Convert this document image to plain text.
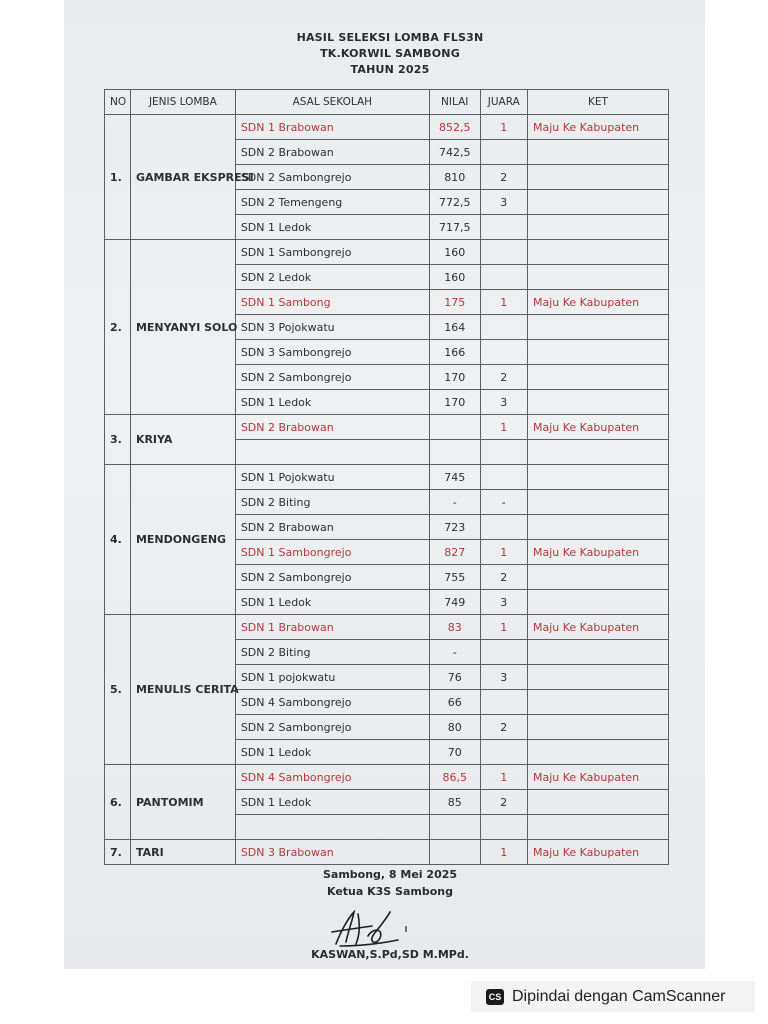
HASIL SELEKSI LOMBA FLS3N
TK.KORWIL SAMBONG
TAHUN 2025
NO	JENIS LOMBA	ASAL SEKOLAH	NILAI	JUARA	KET
1.	GAMBAR EKSPRESI	SDN 1 Brabowan	852,5	1	Maju Ke Kabupaten
		SDN 2 Brabowan	742,5		
		SDN 2 Sambongrejo	810	2	
		SDN 2 Temengeng	772,5	3	
		SDN 1 Ledok	717,5		
2.	MENYANYI SOLO	SDN 1 Sambongrejo	160		
		SDN 2 Ledok	160		
		SDN 1 Sambong	175	1	Maju Ke Kabupaten
		SDN 3 Pojokwatu	164		
		SDN 3 Sambongrejo	166		
		SDN 2 Sambongrejo	170	2	
		SDN 1 Ledok	170	3	
3.	KRIYA	SDN 2 Brabowan		1	Maju Ke Kabupaten

4.	MENDONGENG	SDN 1 Pojokwatu	745		
		SDN 2 Biting	-	-	
		SDN 2 Brabowan	723		
		SDN 1 Sambongrejo	827	1	Maju Ke Kabupaten
		SDN 2 Sambongrejo	755	2	
		SDN 1 Ledok	749	3	
5.	MENULIS CERITA	SDN 1 Brabowan	83	1	Maju Ke Kabupaten
		SDN 2 Biting	-		
		SDN 1 pojokwatu	76	3	
		SDN 4 Sambongrejo	66		
		SDN 2 Sambongrejo	80	2	
		SDN 1 Ledok	70		
6.	PANTOMIM	SDN 4 Sambongrejo	86,5	1	Maju Ke Kabupaten
		SDN 1 Ledok	85	2	

7.	TARI	SDN 3 Brabowan		1	Maju Ke Kabupaten
Sambong, 8 Mei 2025
Ketua K3S Sambong
KASWAN,S.Pd,SD M.MPd.
CS Dipindai dengan CamScanner
